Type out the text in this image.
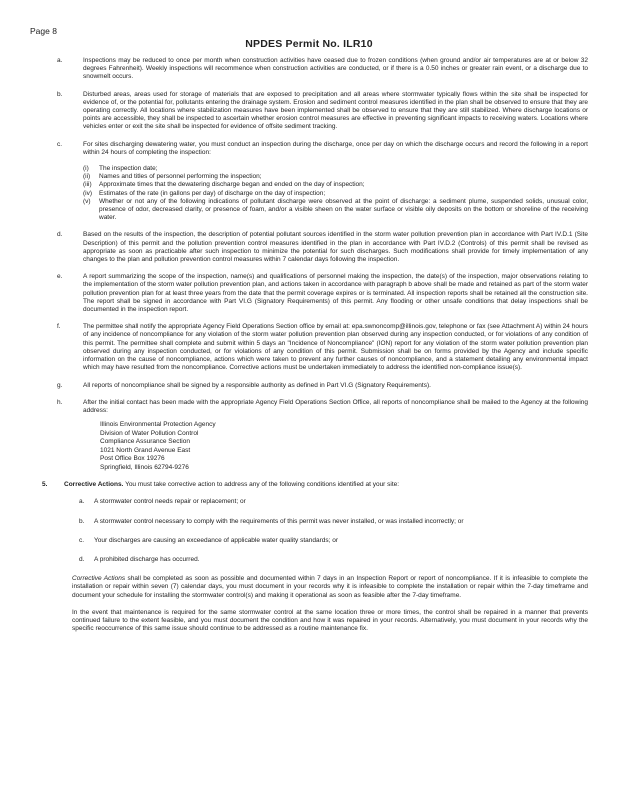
Page 8
NPDES Permit No. ILR10
a.	Inspections may be reduced to once per month when construction activities have ceased due to frozen conditions (when ground and/or air temperatures are at or below 32 degrees Fahrenheit). Weekly inspections will recommence when construction activities are conducted, or if there is a 0.50 inches or greater rain event, or a discharge due to snowmelt occurs.
b.	Disturbed areas, areas used for storage of materials that are exposed to precipitation and all areas where stormwater typically flows within the site shall be inspected for evidence of, or the potential for, pollutants entering the drainage system. Erosion and sediment control measures identified in the plan shall be observed to ensure that they are operating correctly. All locations where stabilization measures have been implemented shall be observed to ensure that they are still stabilized. Where discharge locations or points are accessible, they shall be inspected to ascertain whether erosion control measures are effective in preventing significant impacts to receiving waters. Locations where vehicles enter or exit the site shall be inspected for evidence of offsite sediment tracking.
c.	For sites discharging dewatering water, you must conduct an inspection during the discharge, once per day on which the discharge occurs and record the following in a report within 24 hours of completing the inspection:
(i)	The inspection date;
(ii)	Names and titles of personnel performing the inspection;
(iii)	Approximate times that the dewatering discharge began and ended on the day of inspection;
(iv)	Estimates of the rate (in gallons per day) of discharge on the day of inspection;
(v)	Whether or not any of the following indications of pollutant discharge were observed at the point of discharge: a sediment plume, suspended solids, unusual color, presence of odor, decreased clarity, or presence of foam, and/or a visible sheen on the water surface or visible oily deposits on the bottom or shoreline of the receiving water.
d.	Based on the results of the inspection, the description of potential pollutant sources identified in the storm water pollution prevention plan in accordance with Part IV.D.1 (Site Description) of this permit and the pollution prevention control measures identified in the plan in accordance with Part IV.D.2 (Controls) of this permit shall be revised as appropriate as soon as practicable after such inspection to minimize the potential for such discharges. Such modifications shall provide for timely implementation of any changes to the plan and pollution prevention control measures within 7 calendar days following the inspection.
e.	A report summarizing the scope of the inspection, name(s) and qualifications of personnel making the inspection, the date(s) of the inspection, major observations relating to the implementation of the storm water pollution prevention plan, and actions taken in accordance with paragraph b above shall be made and retained as part of the storm water pollution prevention plan for at least three years from the date that the permit coverage expires or is terminated. All inspection reports shall be retained all the construction site. The report shall be signed in accordance with Part VI.G (Signatory Requirements) of this permit. Any flooding or other unsafe conditions that delay inspections shall be documented in the inspection report.
f.	The permittee shall notify the appropriate Agency Field Operations Section office by email at: epa.swnoncomp@illinois.gov, telephone or fax (see Attachment A) within 24 hours of any incidence of noncompliance for any violation of the storm water pollution prevention plan observed during any inspection conducted, or for violations of any condition of this permit. The permittee shall complete and submit within 5 days an "Incidence of Noncompliance" (ION) report for any violation of the storm water pollution prevention plan observed during any inspection conducted, or for violations of any condition of this permit. Submission shall be on forms provided by the Agency and include specific information on the cause of noncompliance, actions which were taken to prevent any further causes of noncompliance, and a statement detailing any environmental impact which may have resulted from the noncompliance. Corrective actions must be undertaken immediately to address the identified non-compliance issue(s).
g.	All reports of noncompliance shall be signed by a responsible authority as defined in Part VI.G (Signatory Requirements).
h.	After the initial contact has been made with the appropriate Agency Field Operations Section Office, all reports of noncompliance shall be mailed to the Agency at the following address:
Illinois Environmental Protection Agency
Division of Water Pollution Control
Compliance Assurance Section
1021 North Grand Avenue East
Post Office Box 19276
Springfield, Illinois 62794-9276
5.	Corrective Actions. You must take corrective action to address any of the following conditions identified at your site:
a.	A stormwater control needs repair or replacement; or
b.	A stormwater control necessary to comply with the requirements of this permit was never installed, or was installed incorrectly; or
c.	Your discharges are causing an exceedance of applicable water quality standards; or
d.	A prohibited discharge has occurred.
Corrective Actions shall be completed as soon as possible and documented within 7 days in an Inspection Report or report of noncompliance. If it is infeasible to complete the installation or repair within seven (7) calendar days, you must document in your records why it is infeasible to complete the installation or repair within the 7-day timeframe and document your schedule for installing the stormwater control(s) and making it operational as soon as feasible after the 7-day timeframe.
In the event that maintenance is required for the same stormwater control at the same location three or more times, the control shall be repaired in a manner that prevents continued failure to the extent feasible, and you must document the condition and how it was repaired in your records. Alternatively, you must document in your records why the specific reoccurrence of this same issue should continue to be addressed as a routine maintenance fix.
